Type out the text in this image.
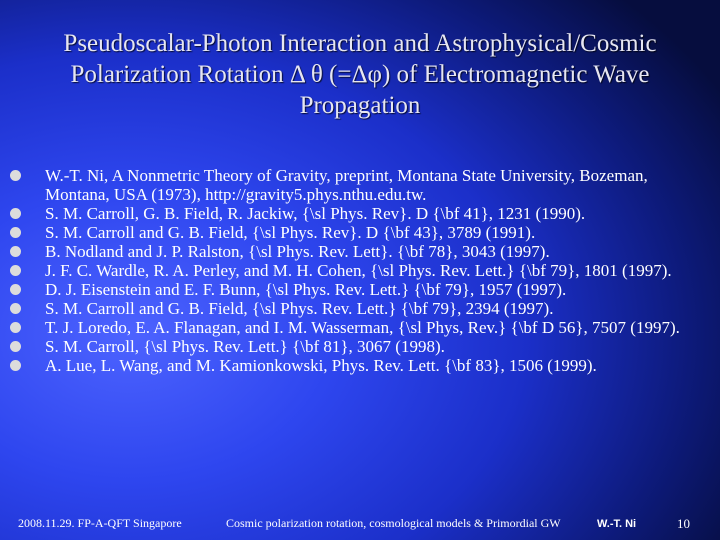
Pseudoscalar-Photon Interaction and Astrophysical/Cosmic
Polarization Rotation Δ θ (=Δφ) of Electromagnetic Wave
Propagation
W.-T. Ni, A Nonmetric Theory of Gravity, preprint, Montana State University, Bozeman, Montana, USA (1973), http://gravity5.phys.nthu.edu.tw.
S. M. Carroll, G. B. Field, R. Jackiw, {\sl Phys. Rev}. D {\bf 41}, 1231 (1990).
S. M. Carroll and G. B. Field, {\sl Phys. Rev}. D {\bf 43}, 3789 (1991).
B. Nodland and J. P. Ralston, {\sl Phys. Rev. Lett}. {\bf 78}, 3043 (1997).
J. F. C. Wardle, R. A. Perley, and M. H. Cohen, {\sl Phys. Rev. Lett.} {\bf 79}, 1801 (1997).
D. J. Eisenstein and E. F. Bunn, {\sl Phys. Rev. Lett.} {\bf 79}, 1957 (1997).
S. M. Carroll and G. B. Field, {\sl Phys. Rev. Lett.} {\bf 79}, 2394 (1997).
T. J. Loredo, E. A. Flanagan, and I. M. Wasserman, {\sl Phys, Rev.} {\bf D 56}, 7507 (1997).
S. M. Carroll, {\sl Phys. Rev. Lett.} {\bf 81}, 3067 (1998).
A. Lue, L. Wang, and M. Kamionkowski, Phys. Rev. Lett. {\bf 83}, 1506 (1999).
2008.11.29. FP-A-QFT Singapore	Cosmic polarization rotation, cosmological models & Primordial GW	W.-T. Ni	10
